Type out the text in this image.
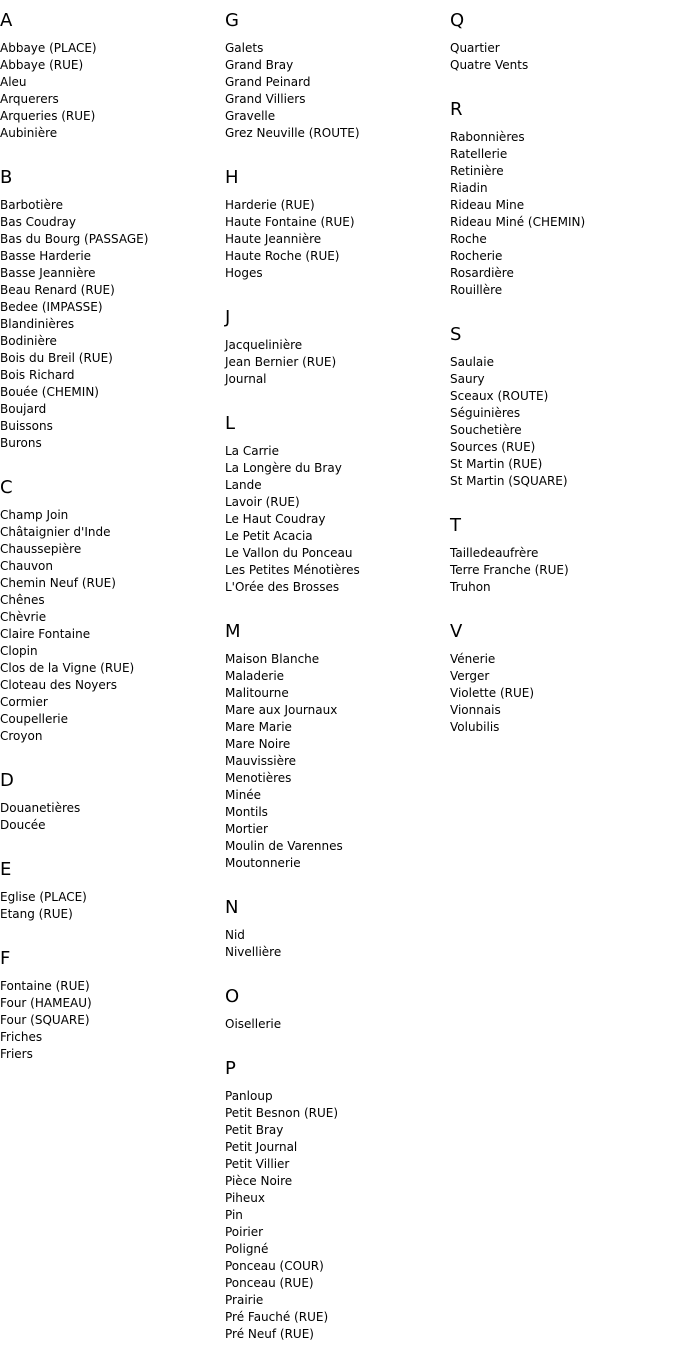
A
Abbaye (PLACE)
Abbaye (RUE)
Aleu
Arquerers
Arqueries (RUE)
Aubinière
B
Barbotière
Bas Coudray
Bas du Bourg (PASSAGE)
Basse Harderie
Basse Jeannière
Beau Renard (RUE)
Bedee (IMPASSE)
Blandinières
Bodinière
Bois du Breil (RUE)
Bois Richard
Bouée (CHEMIN)
Boujard
Buissons
Burons
C
Champ Join
Châtaignier d'Inde
Chaussepière
Chauvon
Chemin Neuf (RUE)
Chênes
Chèvrie
Claire Fontaine
Clopin
Clos de la Vigne (RUE)
Cloteau des Noyers
Cormier
Coupellerie
Croyon
D
Douanetières
Doucée
E
Eglise (PLACE)
Etang (RUE)
F
Fontaine (RUE)
Four (HAMEAU)
Four (SQUARE)
Friches
Friers
G
Galets
Grand Bray
Grand Peinard
Grand Villiers
Gravelle
Grez Neuville (ROUTE)
H
Harderie (RUE)
Haute Fontaine (RUE)
Haute Jeannière
Haute Roche (RUE)
Hoges
J
Jacquelinière
Jean Bernier (RUE)
Journal
L
La Carrie
La Longère du Bray
Lande
Lavoir (RUE)
Le Haut Coudray
Le Petit Acacia
Le Vallon du Ponceau
Les Petites Ménotières
L'Orée des Brosses
M
Maison Blanche
Maladerie
Malitourne
Mare aux Journaux
Mare Marie
Mare Noire
Mauvissière
Menotières
Minée
Montils
Mortier
Moulin de Varennes
Moutonnerie
N
Nid
Nivellière
O
Oisellerie
P
Panloup
Petit Besnon (RUE)
Petit Bray
Petit Journal
Petit Villier
Pièce Noire
Piheux
Pin
Poirier
Poligné
Ponceau (COUR)
Ponceau (RUE)
Prairie
Pré Fauché (RUE)
Pré Neuf (RUE)
Q
Quartier
Quatre Vents
R
Rabonnières
Ratellerie
Retinière
Riadin
Rideau Mine
Rideau Miné (CHEMIN)
Roche
Rocherie
Rosardière
Rouillère
S
Saulaie
Saury
Sceaux (ROUTE)
Séguinières
Souchetière
Sources (RUE)
St Martin (RUE)
St Martin (SQUARE)
T
Tailledeaufrère
Terre Franche (RUE)
Truhon
V
Vénerie
Verger
Violette (RUE)
Vionnais
Volubilis
